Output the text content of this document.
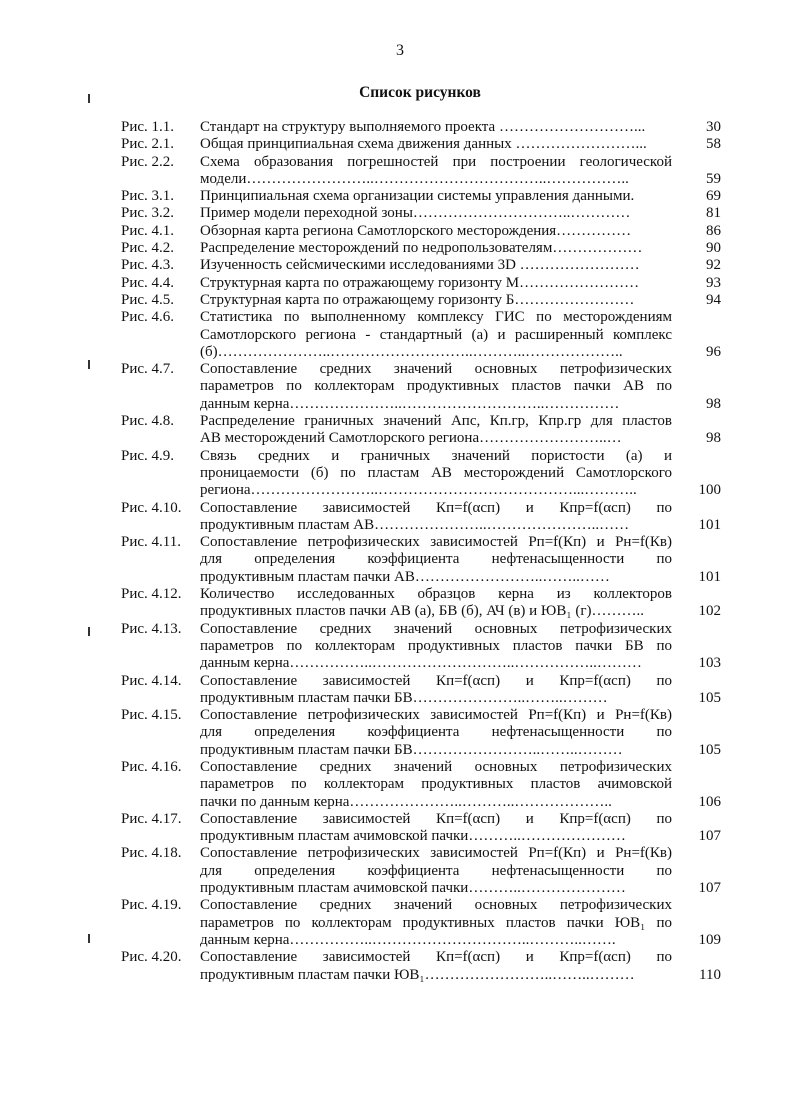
3
Список рисунков
Рис. 1.1.	Стандарт на структуру выполняемого проекта ………………………...	30
Рис. 2.1.	Общая принципиальная схема движения данных ……………………...	58
Рис. 2.2.	Схема образования погрешностей при построении геологической
модели……………………..……………………………..……………..	59
Рис. 3.1.	Принципиальная схема организации системы управления данными.	69
Рис. 3.2.	Пример модели переходной зоны…………………………..…………	81
Рис. 4.1.	Обзорная карта региона Самотлорского месторождения……………	86
Рис. 4.2.	Распределение месторождений по недропользователям………………	90
Рис. 4.3.	Изученность сейсмическими исследованиями 3D ……………………	92
Рис. 4.4.	Структурная карта по отражающему горизонту М……………………	93
Рис. 4.5.	Структурная карта по отражающему горизонту Б……………………	94
Рис. 4.6.	Статистика по выполненному комплексу ГИС по месторождениям
Самотлорского региона - стандартный (а) и расширенный комплекс
(б)…………………..………………………..………..………………..	96
Рис. 4.7.	Сопоставление средних значений основных петрофизических
параметров по коллекторам продуктивных пластов пачки АВ по
данным керна…………………..………………………..……………	98
Рис. 4.8.	Распределение граничных значений Апс, Кп.гр, Кпр.гр для пластов
АВ месторождений Самотлорского региона……………………..…	98
Рис. 4.9.	Связь средних и граничных значений пористости (а) и
проницаемости (б) по пластам АВ месторождений Самотлорского
региона……………………..…………………………………...………..	100
Рис. 4.10.	Сопоставление зависимостей Кп=f(αсп) и Кпр=f(αсп) по
продуктивным пластам АВ…………………..…………………..……	101
Рис. 4.11.	Сопоставление петрофизических зависимостей Рп=f(Кп) и Рн=f(Кв)
для определения коэффициента нефтенасыщенности по
продуктивным пластам пачки АВ……………………..……..……	101
Рис. 4.12.	Количество исследованных образцов керна из коллекторов
продуктивных пластов пачки АВ (а), БВ (б), АЧ (в) и ЮВ₁ (г)………..	102
Рис. 4.13.	Сопоставление средних значений основных петрофизических
параметров по коллекторам продуктивных пластов пачки БВ по
данным керна……………..………………………..……………..………	103
Рис. 4.14.	Сопоставление зависимостей Кп=f(αсп) и Кпр=f(αсп) по
продуктивным пластам пачки БВ…………………..……..………	105
Рис. 4.15.	Сопоставление петрофизических зависимостей Рп=f(Кп) и Рн=f(Кв)
для определения коэффициента нефтенасыщенности по
продуктивным пластам пачки БВ……………………..……..………	105
Рис. 4.16.	Сопоставление средних значений основных петрофизических
параметров по коллекторам продуктивных пластов ачимовской
пачки по данным керна…………………..………..………………..	106
Рис. 4.17.	Сопоставление зависимостей Кп=f(αсп) и Кпр=f(αсп) по
продуктивным пластам ачимовской пачки………..…………………	107
Рис. 4.18.	Сопоставление петрофизических зависимостей Рп=f(Кп) и Рн=f(Кв)
для определения коэффициента нефтенасыщенности по
продуктивным пластам ачимовской пачки………..…………………	107
Рис. 4.19.	Сопоставление средних значений основных петрофизических
параметров по коллекторам продуктивных пластов пачки ЮВ₁ по
данным керна……………..…………………………..………..…….	109
Рис. 4.20.	Сопоставление зависимостей Кп=f(αсп) и Кпр=f(αсп) по
продуктивным пластам пачки ЮВ₁……………………..……..………	110
